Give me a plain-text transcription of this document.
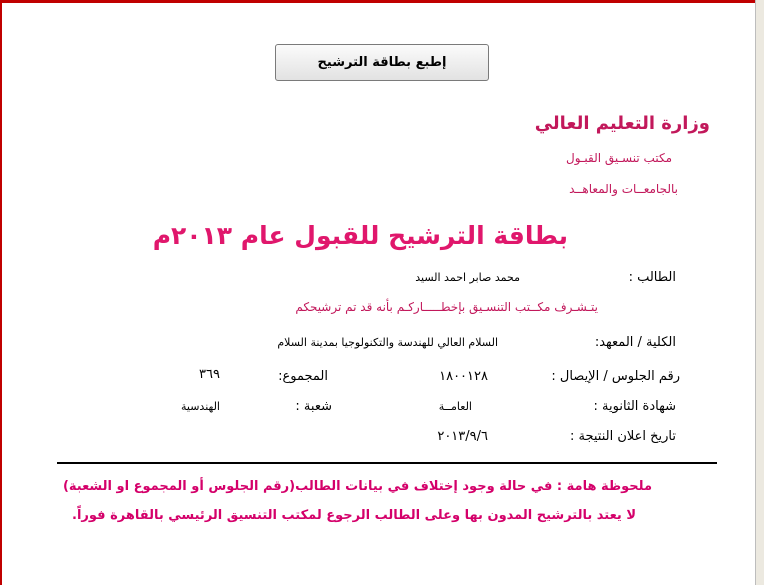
إطبع بطاقة الترشيح
وزارة التعليم العالي
مكتب تنسـيق القبـول
بالجامعــات والمعاهــد
بطاقة الترشيح للقبول عام ٢٠١٣م
الطالب :
محمد صابر احمد السيد
يتـشـرف مكــتب التنسـيق بإخطـــــاركـم بأنه قد تم ترشيحكم
الكلية / المعهد:
السلام العالي للهندسة والتكنولوجيا بمدينة السلام
رقم الجلوس / الإيصال :
١٨٠٠١٢٨
المجموع:
٣٦٩
شهادة الثانوية :
العامــة
شعبة :
الهندسية
تاريخ اعلان النتيجة :
٢٠١٣/٩/٦
ملحوظة هامة : في حالة وجود إختلاف في بيانات الطالب(رقم الجلوس أو المجموع او الشعبة)
لا يعتد بالترشيح المدون بها وعلى الطالب الرجوع لمكتب التنسيق الرئيسي بالقاهرة فوراً.
